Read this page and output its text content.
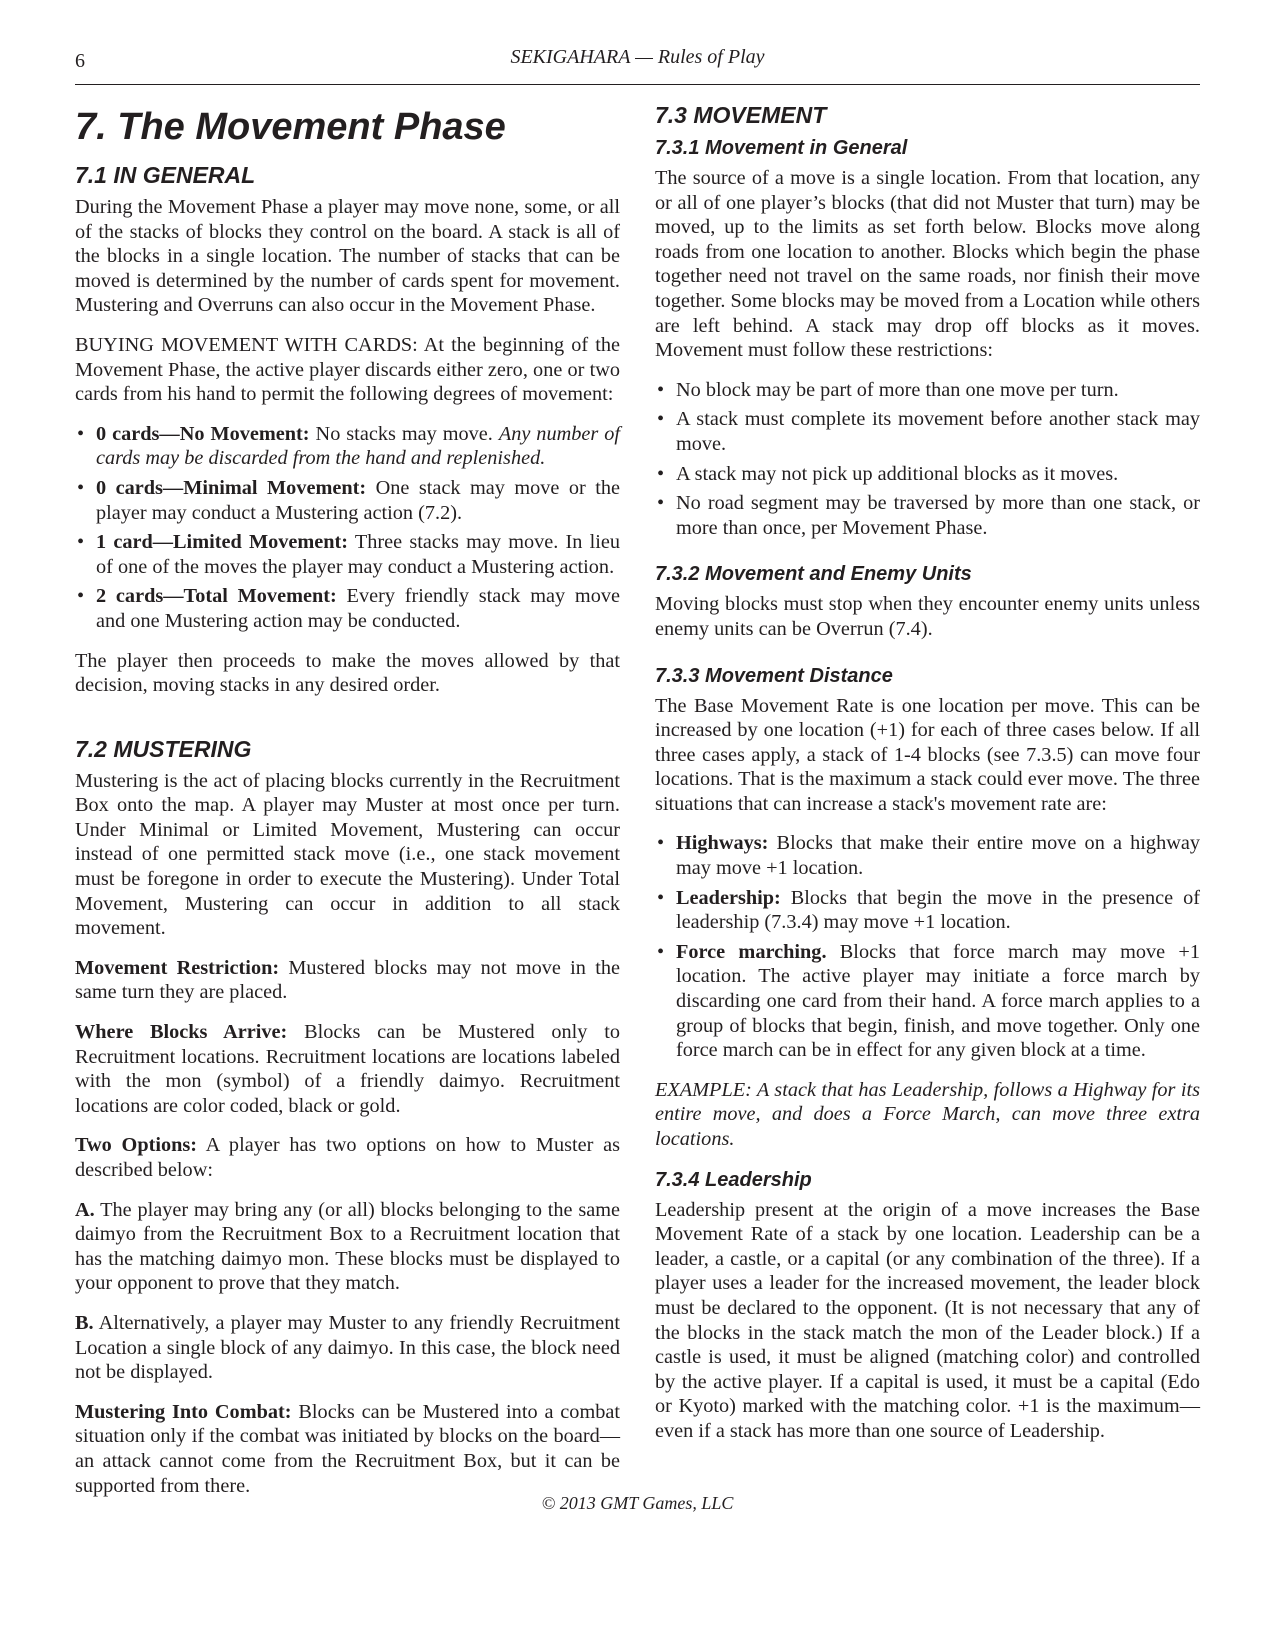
6	SEKIGAHARA — Rules of Play
7. The Movement Phase
7.1 IN GENERAL

During the Movement Phase a player may move none, some, or all of the stacks of blocks they control on the board. A stack is all of the blocks in a single location. The number of stacks that can be moved is determined by the number of cards spent for movement. Mustering and Overruns can also occur in the Movement Phase.

BUYING MOVEMENT WITH CARDS: At the beginning of the Movement Phase, the active player discards either zero, one or two cards from his hand to permit the following degrees of movement:

• 0 cards—No Movement: No stacks may move. Any number of cards may be discarded from the hand and replenished.
• 0 cards—Minimal Movement: One stack may move or the player may conduct a Mustering action (7.2).
• 1 card—Limited Movement: Three stacks may move. In lieu of one of the moves the player may conduct a Mustering action.
• 2 cards—Total Movement: Every friendly stack may move and one Mustering action may be conducted.

The player then proceeds to make the moves allowed by that decision, moving stacks in any desired order.

7.2 MUSTERING

Mustering is the act of placing blocks currently in the Recruitment Box onto the map. A player may Muster at most once per turn. Under Minimal or Limited Movement, Mustering can occur instead of one permitted stack move (i.e., one stack movement must be foregone in order to execute the Mustering). Under Total Movement, Mustering can occur in addition to all stack movement.

Movement Restriction: Mustered blocks may not move in the same turn they are placed.

Where Blocks Arrive: Blocks can be Mustered only to Recruitment locations. Recruitment locations are locations labeled with the mon (symbol) of a friendly daimyo. Recruitment locations are color coded, black or gold.

Two Options: A player has two options on how to Muster as described below:

A. The player may bring any (or all) blocks belonging to the same daimyo from the Recruitment Box to a Recruitment location that has the matching daimyo mon. These blocks must be displayed to your opponent to prove that they match.

B. Alternatively, a player may Muster to any friendly Recruitment Location a single block of any daimyo. In this case, the block need not be displayed.

Mustering Into Combat: Blocks can be Mustered into a combat situation only if the combat was initiated by blocks on the board—an attack cannot come from the Recruitment Box, but it can be supported from there.

7.3 MOVEMENT
7.3.1 Movement in General

The source of a move is a single location. From that location, any or all of one player’s blocks (that did not Muster that turn) may be moved, up to the limits as set forth below. Blocks move along roads from one location to another. Blocks which begin the phase together need not travel on the same roads, nor finish their move together. Some blocks may be moved from a Location while others are left behind. A stack may drop off blocks as it moves. Movement must follow these restrictions:

• No block may be part of more than one move per turn.
• A stack must complete its movement before another stack may move.
• A stack may not pick up additional blocks as it moves.
• No road segment may be traversed by more than one stack, or more than once, per Movement Phase.
7.3.2 Movement and Enemy Units

Moving blocks must stop when they encounter enemy units unless enemy units can be Overrun (7.4).

7.3.3 Movement Distance

The Base Movement Rate is one location per move. This can be increased by one location (+1) for each of three cases below. If all three cases apply, a stack of 1-4 blocks (see 7.3.5) can move four locations. That is the maximum a stack could ever move. The three situations that can increase a stack's movement rate are:

• Highways: Blocks that make their entire move on a highway may move +1 location.
• Leadership: Blocks that begin the move in the presence of leadership (7.3.4) may move +1 location.
• Force marching. Blocks that force march may move +1 location. The active player may initiate a force march by discarding one card from their hand. A force march applies to a group of blocks that begin, finish, and move together. Only one force march can be in effect for any given block at a time.

EXAMPLE: A stack that has Leadership, follows a Highway for its entire move, and does a Force March, can move three extra locations.

7.3.4 Leadership

Leadership present at the origin of a move increases the Base Movement Rate of a stack by one location. Leadership can be a leader, a castle, or a capital (or any combination of the three). If a player uses a leader for the increased movement, the leader block must be declared to the opponent. (It is not necessary that any of the blocks in the stack match the mon of the Leader block.) If a castle is used, it must be aligned (matching color) and controlled by the active player. If a capital is used, it must be a capital (Edo or Kyoto) marked with the matching color. +1 is the maximum—even if a stack has more than one source of Leadership.

© 2013 GMT Games, LLC
